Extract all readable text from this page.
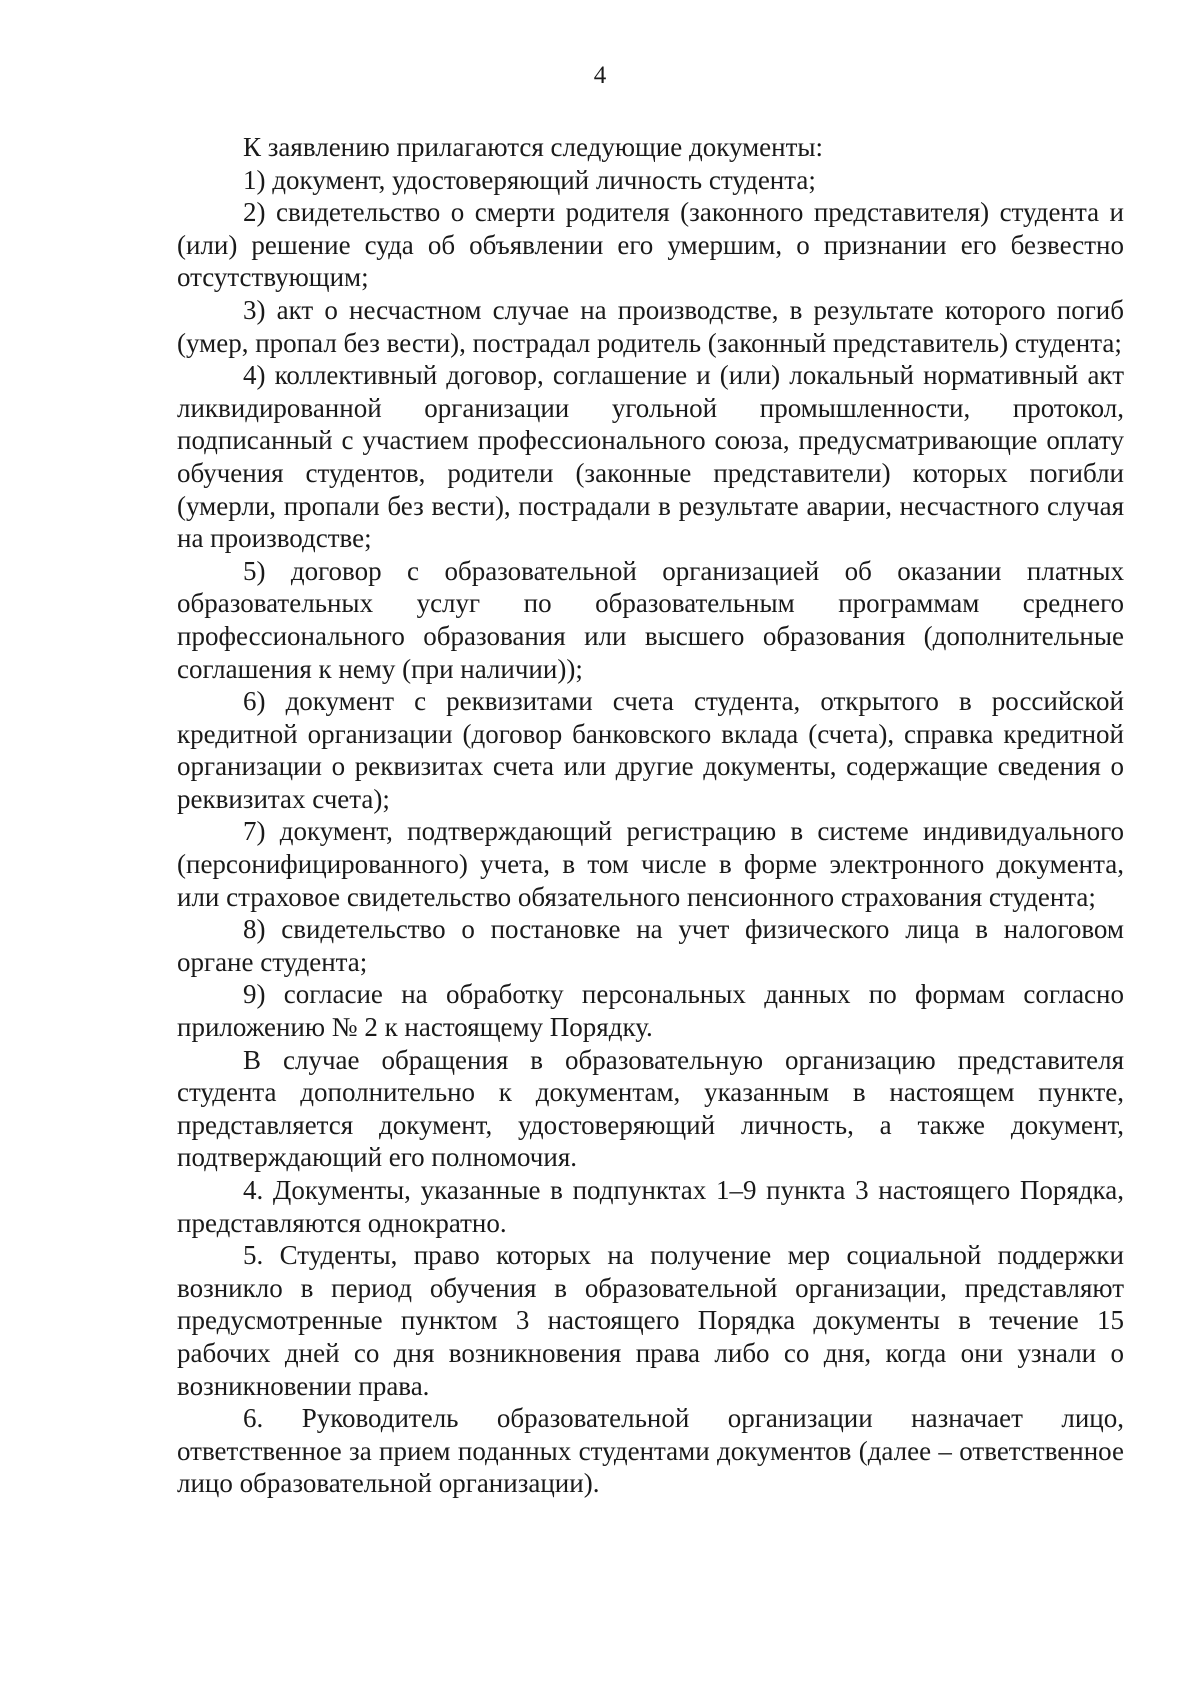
4

К заявлению прилагаются следующие документы:

1) документ, удостоверяющий личность студента;

2) свидетельство о смерти родителя (законного представителя) студента и (или) решение суда об объявлении его умершим, о признании его безвестно отсутствующим;

3) акт о несчастном случае на производстве, в результате которого погиб (умер, пропал без вести), пострадал родитель (законный представитель) студента;

4) коллективный договор, соглашение и (или) локальный нормативный акт ликвидированной организации угольной промышленности, протокол, подписанный с участием профессионального союза, предусматривающие оплату обучения студентов, родители (законные представители) которых погибли (умерли, пропали без вести), пострадали в результате аварии, несчастного случая на производстве;

5) договор с образовательной организацией об оказании платных образовательных услуг по образовательным программам среднего профессионального образования или высшего образования (дополнительные соглашения к нему (при наличии));

6) документ с реквизитами счета студента, открытого в российской кредитной организации (договор банковского вклада (счета), справка кредитной организации о реквизитах счета или другие документы, содержащие сведения о реквизитах счета);

7) документ, подтверждающий регистрацию в системе индивидуального (персонифицированного) учета, в том числе в форме электронного документа, или страховое свидетельство обязательного пенсионного страхования студента;

8) свидетельство о постановке на учет физического лица в налоговом органе студента;

9) согласие на обработку персональных данных по формам согласно приложению № 2 к настоящему Порядку.

В случае обращения в образовательную организацию представителя студента дополнительно к документам, указанным в настоящем пункте, представляется документ, удостоверяющий личность, а также документ, подтверждающий его полномочия.

4. Документы, указанные в подпунктах 1–9 пункта 3 настоящего Порядка, представляются однократно.

5. Студенты, право которых на получение мер социальной поддержки возникло в период обучения в образовательной организации, представляют предусмотренные пунктом 3 настоящего Порядка документы в течение 15 рабочих дней со дня возникновения права либо со дня, когда они узнали о возникновении права.

6. Руководитель образовательной организации назначает лицо, ответственное за прием поданных студентами документов (далее – ответственное лицо образовательной организации).
